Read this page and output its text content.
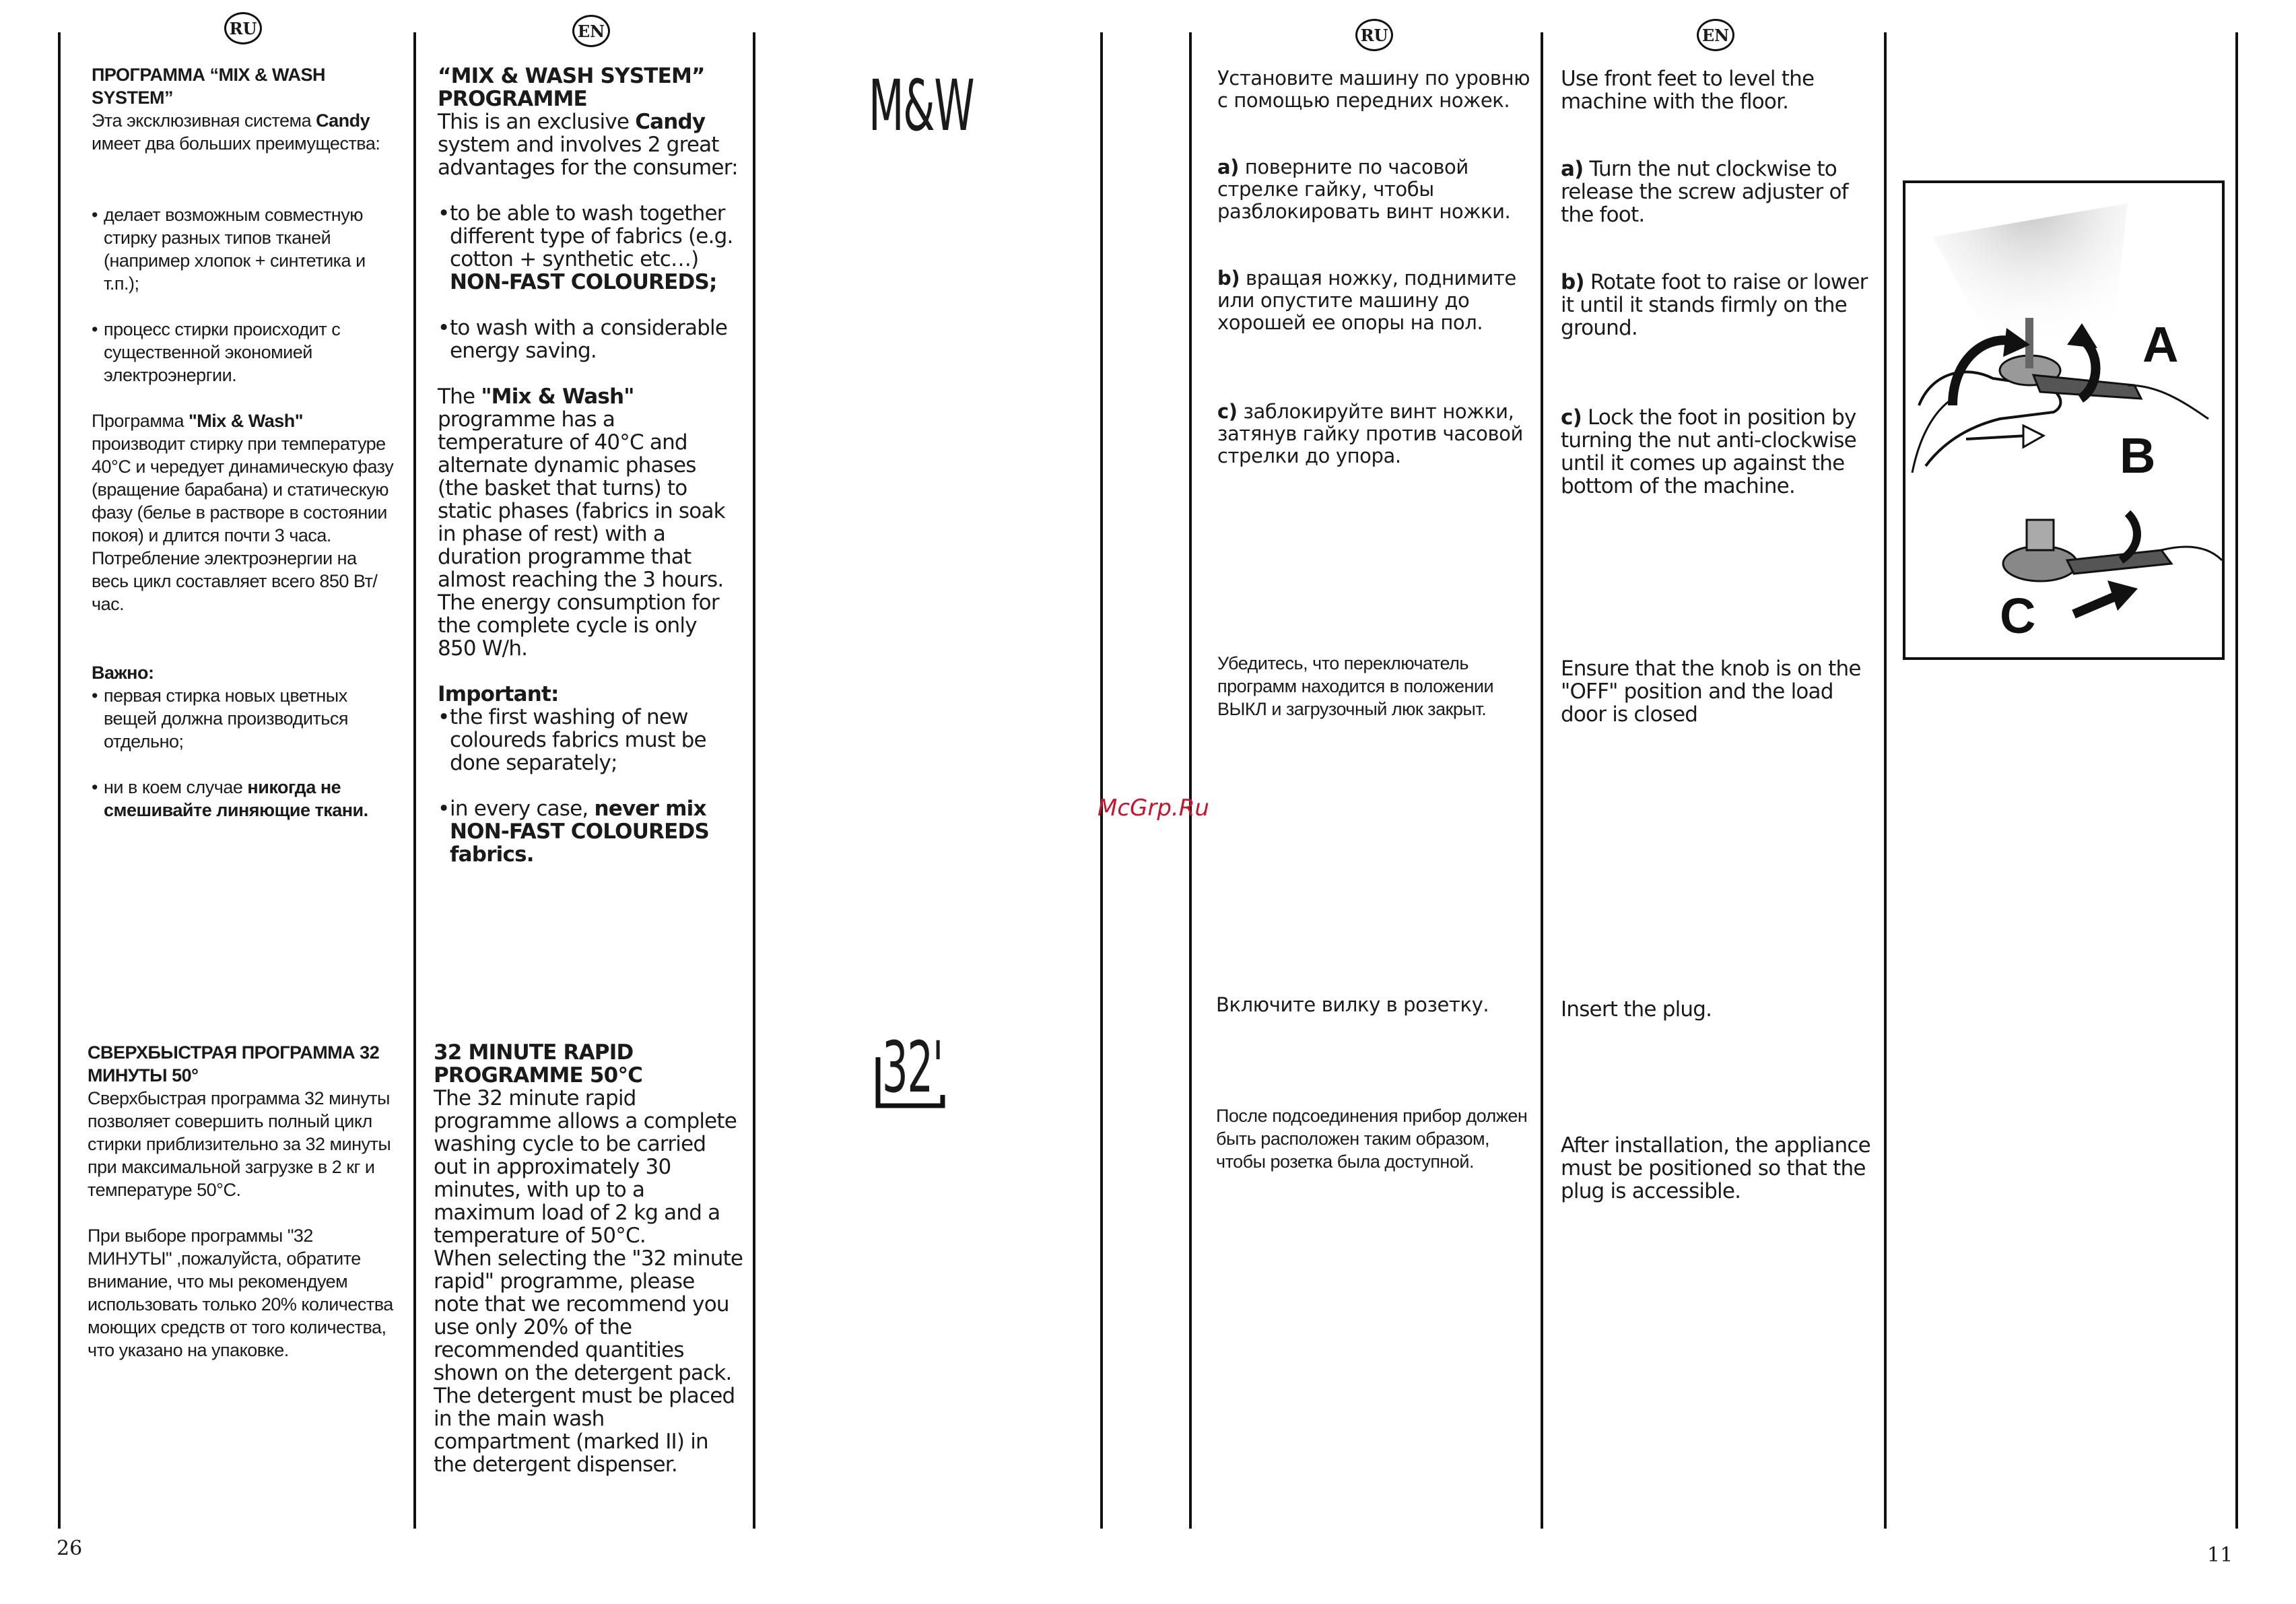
RU	EN	RU	EN

ПРОГРАММА “MIX & WASH SYSTEM”

Эта эксклюзивная система Candy имеет два больших преимущества:

• делает возможным совместную стирку разных типов тканей (например хлопок + синтетика и т.п.);
• процесс стирки происходит с существенной экономией электроэнергии.

Программа "Mix & Wash" производит стирку при температуре 40°С и чередует динамическую фазу (вращение барабана) и статическую фазу (белье в растворе в состоянии покоя) и длится почти 3 часа. Потребление электроэнергии на весь цикл составляет всего 850 Вт/час.

Важно:

• первая стирка новых цветных вещей должна производиться отдельно;
• ни в коем случае никогда не смешивайте линяющие ткани.

СВЕРХБЫСТРАЯ ПРОГРАММА 32 МИНУТЫ 50°

Сверхбыстрая программа 32 минуты позволяет совершить полный цикл стирки приблизительно за 32 минуты при максимальной загрузке в 2 кг и температуре 50°С.

При выборе программы "32 МИНУТЫ" ,пожалуйста, обратите внимание, что мы рекомендуем использовать только 20% количества моющих средств от того количества, что указано на упаковке.

“MIX & WASH SYSTEM” PROGRAMME

This is an exclusive Candy system and involves 2 great advantages for the consumer:

• to be able to wash together different type of fabrics (e.g. cotton + synthetic etc…) NON-FAST COLOUREDS;
• to wash with a considerable energy saving.

The "Mix & Wash" programme has a temperature of 40°C and alternate dynamic phases (the basket that turns) to static phases (fabrics in soak in phase of rest) with a duration programme that almost reaching the 3 hours. The energy consumption for the complete cycle is only 850 W/h.

Important:

• the first washing of new coloureds fabrics must be done separately;
• in every case, never mix NON-FAST COLOUREDS fabrics.

32 MINUTE RAPID PROGRAMME 50°C

The 32 minute rapid programme allows a complete washing cycle to be carried out in approximately 30 minutes, with up to a maximum load of 2 kg and a temperature of 50°C.

When selecting the "32 minute rapid" programme, please note that we recommend you use only 20% of the recommended quantities shown on the detergent pack. The detergent must be placed in the main wash compartment (marked II) in the detergent dispenser.

M&W
32'
26

Установите машину по уровню с помощью передних ножек.

a) поверните по часовой стрелке гайку, чтобы разблокировать винт ножки.

b) вращая ножку, поднимите или опустите машину до хорошей ее опоры на пол.

c) заблокируйте винт ножки, затянув гайку против часовой стрелки до упора.

Убедитесь, что переключатель программ находится в положении ВЫКЛ и загрузочный люк закрыт.

Включите вилку в розетку.

После подсоединения прибор должен быть расположен таким образом, чтобы розетка была доступной.

Use front feet to level the machine with the floor.

a) Turn the nut clockwise to release the screw adjuster of the foot.

b) Rotate foot to raise or lower it until it stands firmly on the ground.

c) Lock the foot in position by turning the nut anti-clockwise until it comes up against the bottom of the machine.

Ensure that the knob is on the "OFF" position and the load door is closed

Insert the plug.

After installation, the appliance must be positioned so that the plug is accessible.

A
B
C
11
McGrp.Ru
